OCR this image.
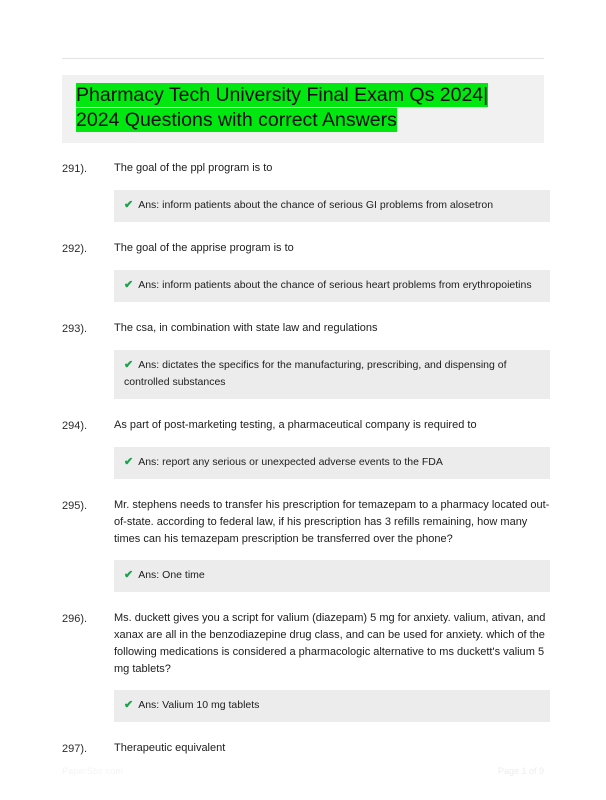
Pharmacy Tech University Final Exam Qs 2024|
2024 Questions with correct Answers
291).	The goal of the ppl program is to
✔ Ans: inform patients about the chance of serious GI problems from alosetron
292).	The goal of the apprise program is to
✔ Ans: inform patients about the chance of serious heart problems from erythropoietins
293).	The csa, in combination with state law and regulations
✔ Ans: dictates the specifics for the manufacturing, prescribing, and dispensing of controlled substances
294).	As part of post-marketing testing, a pharmaceutical company is required to
✔ Ans: report any serious or unexpected adverse events to the FDA
295).	Mr. stephens needs to transfer his prescription for temazepam to a pharmacy located out-of-state. according to federal law, if his prescription has 3 refills remaining, how many times can his temazepam prescription be transferred over the phone?
✔ Ans: One time
296).	Ms. duckett gives you a script for valium (diazepam) 5 mg for anxiety. valium, ativan, and xanax are all in the benzodiazepine drug class, and can be used for anxiety. which of the following medications is considered a pharmacologic alternative to ms duckett's valium 5 mg tablets?
✔ Ans: Valium 10 mg tablets
297).	Therapeutic equivalent
PaperStic.com	Page 1 of 9
